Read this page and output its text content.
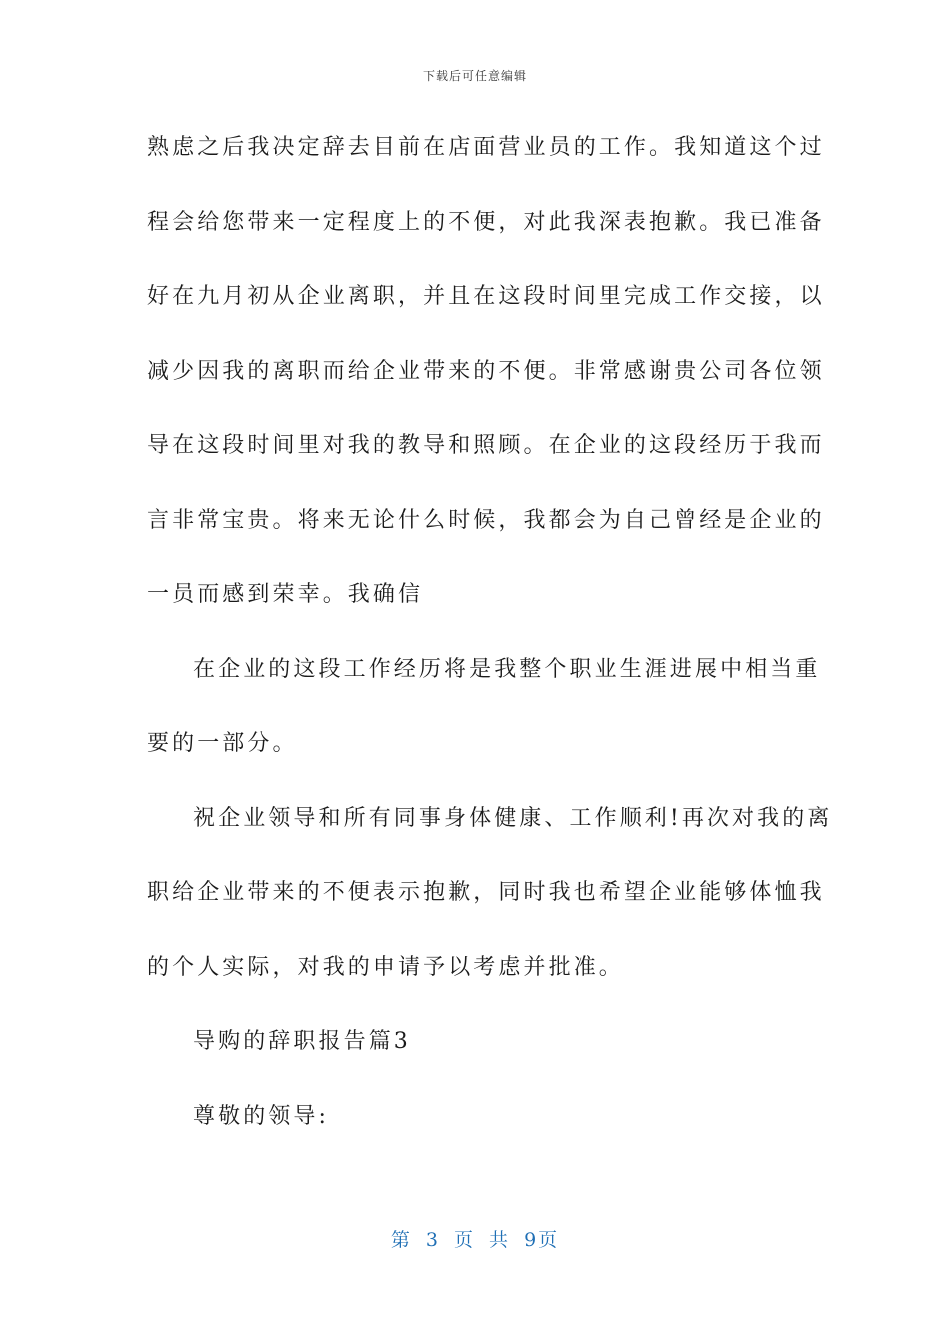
下载后可任意编辑
熟虑之后我决定辞去目前在店面营业员的工作。我知道这个过
程会给您带来一定程度上的不便，对此我深表抱歉。我已准备
好在九月初从企业离职，并且在这段时间里完成工作交接，以
减少因我的离职而给企业带来的不便。非常感谢贵公司各位领
导在这段时间里对我的教导和照顾。在企业的这段经历于我而
言非常宝贵。将来无论什么时候，我都会为自己曾经是企业的
一员而感到荣幸。我确信
在企业的这段工作经历将是我整个职业生涯进展中相当重
要的一部分。
祝企业领导和所有同事身体健康、工作顺利!再次对我的离
职给企业带来的不便表示抱歉，同时我也希望企业能够体恤我
的个人实际，对我的申请予以考虑并批准。
导购的辞职报告篇3
尊敬的领导:
第 3 页 共 9页
